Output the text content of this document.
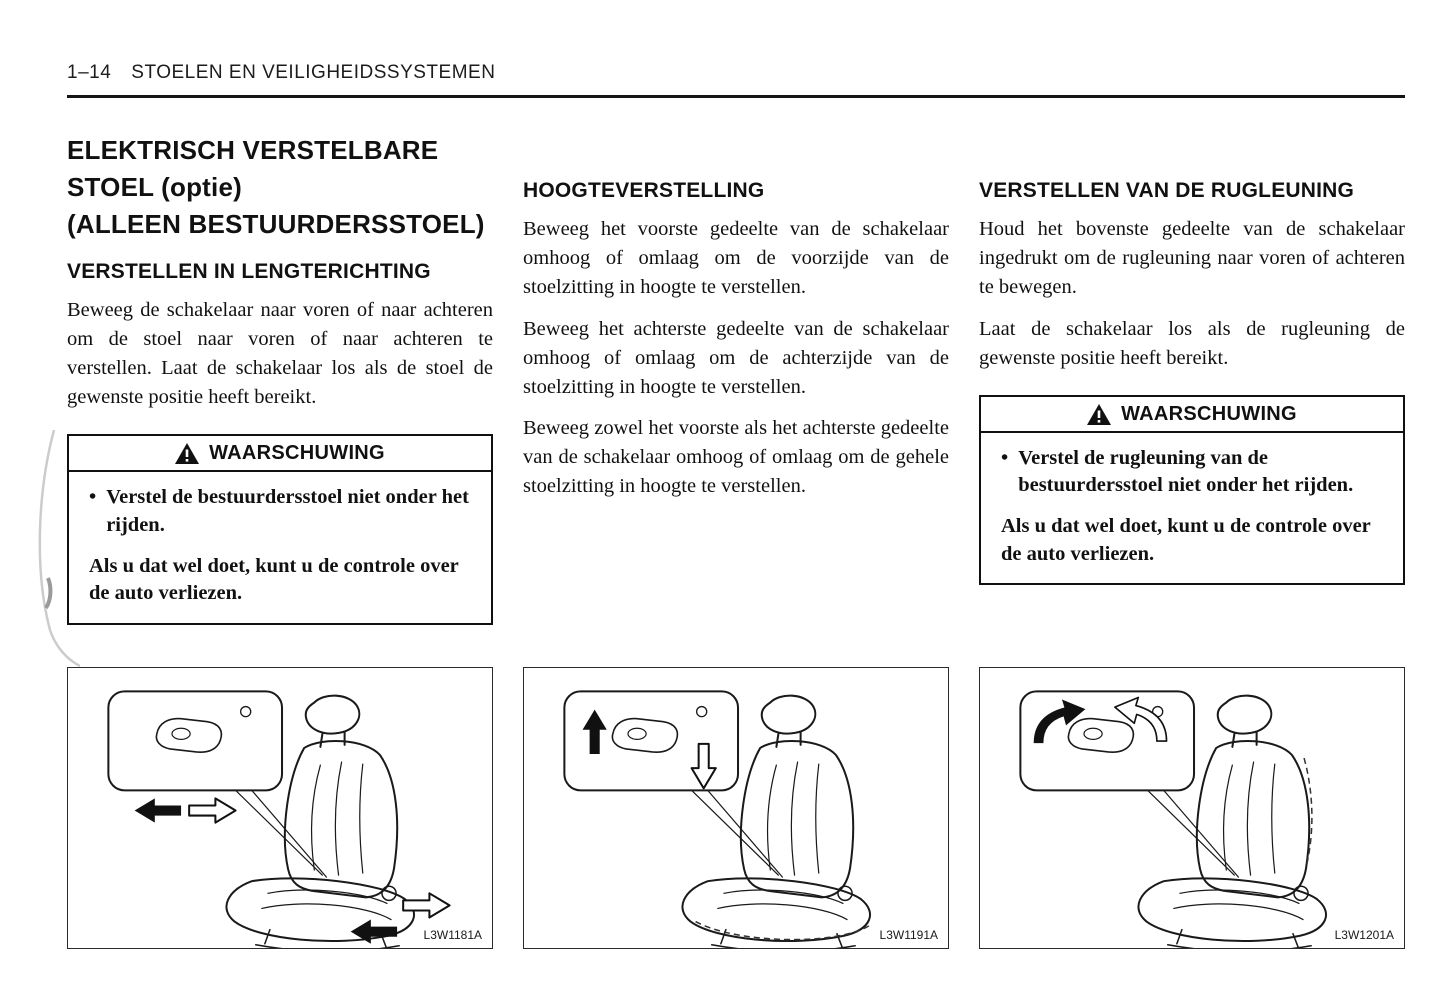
1–14 STOELEN EN VEILIGHEIDSSYSTEMEN
ELEKTRISCH VERSTELBARE
STOEL (optie)
(ALLEEN BESTUURDERSSTOEL)
VERSTELLEN IN LENGTERICHTING

Beweeg de schakelaar naar voren of naar achteren om de stoel naar voren of naar achteren te verstellen. Laat de schakelaar los als de stoel de gewenste positie heeft bereikt.

WAARSCHUWING
• Verstel de bestuurdersstoel niet onder het rijden.

Als u dat wel doet, kunt u de controle over de auto verliezen.

HOOGTEVERSTELLING

Beweeg het voorste gedeelte van de schakelaar omhoog of omlaag om de voorzijde van de stoelzitting in hoogte te verstellen.

Beweeg het achterste gedeelte van de schakelaar omhoog of omlaag om de achterzijde van de stoelzitting in hoogte te verstellen.

Beweeg zowel het voorste als het achterste gedeelte van de schakelaar omhoog of omlaag om de gehele stoelzitting in hoogte te verstellen.

VERSTELLEN VAN DE RUGLEUNING

Houd het bovenste gedeelte van de schakelaar ingedrukt om de rugleuning naar voren of achteren te bewegen.

Laat de schakelaar los als de rugleuning de gewenste positie heeft bereikt.

WAARSCHUWING
• Verstel de rugleuning van de bestuurdersstoel niet onder het rijden.

Als u dat wel doet, kunt u de controle over de auto verliezen.

L3W1181A	L3W1191A	L3W1201A
